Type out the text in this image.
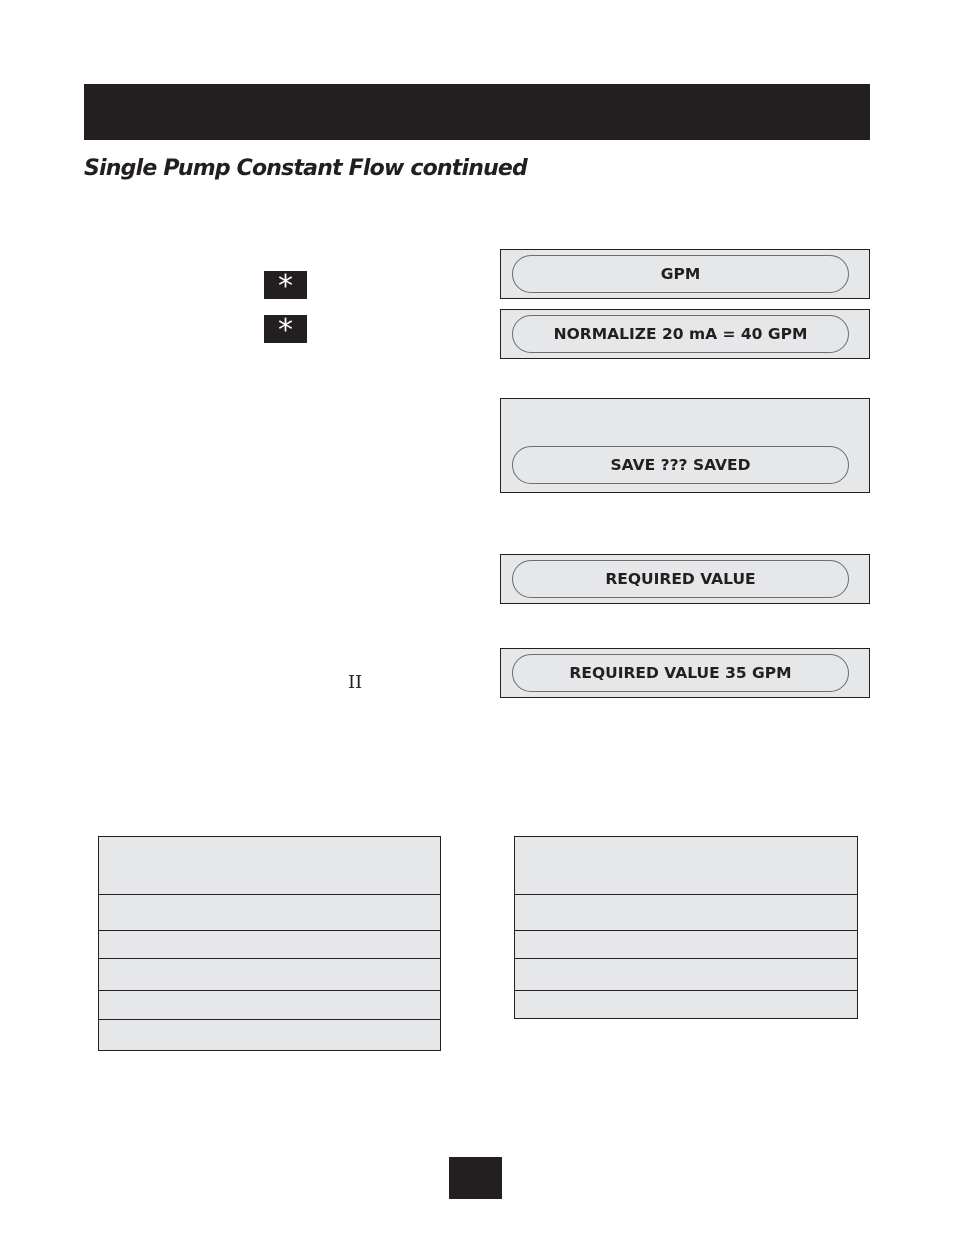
Single Pump Constant Flow continued
*
*
II
GPM
NORMALIZE 20 mA = 40 GPM
SAVE ??? SAVED
REQUIRED VALUE
REQUIRED VALUE 35 GPM
